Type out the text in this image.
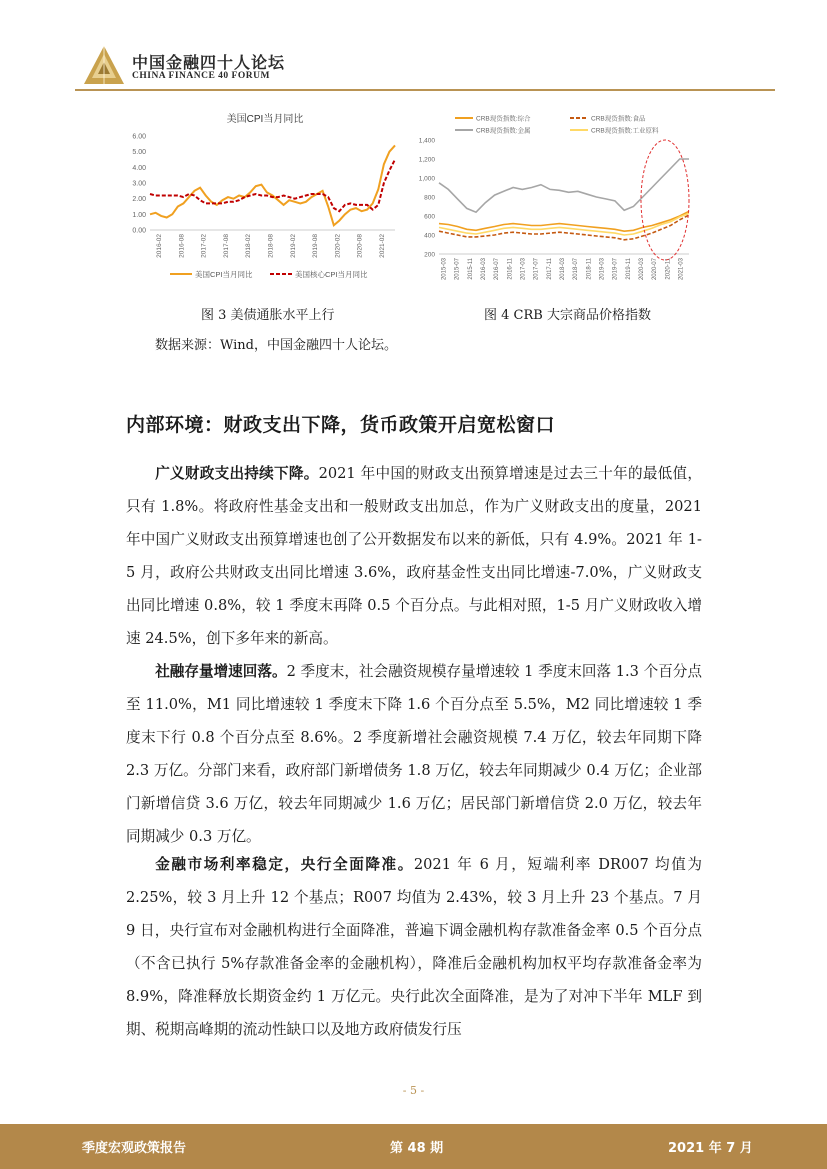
中国金融四十人论坛
CHINA FINANCE 40 FORUM
美国CPI当月同比
0.00
1.00
2.00
3.00
4.00
5.00
6.00
2016-02 2016-08 2017-02 2017-08 2018-02 2018-08 2019-02 2019-08 2020-02 2020-08 2021-02
美国CPI当月同比	美国核心CPI当月同比
CRB现货指数:综合	CRB现货指数:食品
CRB现货指数:金属	CRB现货指数:工业原料
200
400
600
800
1,000
1,200
1,400
2015-03 2015-07 2015-11 2016-03 2016-07 2016-11 2017-03 2017-07 2017-11 2018-03 2018-07 2018-11 2019-03 2019-07 2019-11 2020-03 2020-07 2020-11 2021-03
图 3 美债通胀水平上行	图 4 CRB 大宗商品价格指数
数据来源：Wind，中国金融四十人论坛。
内部环境：财政支出下降，货币政策开启宽松窗口
广义财政支出持续下降。2021 年中国的财政支出预算增速是过去三十年的最低值，只有 1.8%。将政府性基金支出和一般财政支出加总，作为广义财政支出的度量，2021 年中国广义财政支出预算增速也创了公开数据发布以来的新低，只有 4.9%。2021 年 1-5 月，政府公共财政支出同比增速 3.6%，政府基金性支出同比增速-7.0%，广义财政支出同比增速 0.8%，较 1 季度末再降 0.5 个百分点。与此相对照，1-5 月广义财政收入增速 24.5%，创下多年来的新高。
社融存量增速回落。2 季度末，社会融资规模存量增速较 1 季度末回落 1.3 个百分点至 11.0%，M1 同比增速较 1 季度末下降 1.6 个百分点至 5.5%，M2 同比增速较 1 季度末下行 0.8 个百分点至 8.6%。2 季度新增社会融资规模 7.4 万亿，较去年同期下降 2.3 万亿。分部门来看，政府部门新增债务 1.8 万亿，较去年同期减少 0.4 万亿；企业部门新增信贷 3.6 万亿，较去年同期减少 1.6 万亿；居民部门新增信贷 2.0 万亿，较去年同期减少 0.3 万亿。
金融市场利率稳定，央行全面降准。2021 年 6 月，短端利率 DR007 均值为 2.25%，较 3 月上升 12 个基点；R007 均值为 2.43%，较 3 月上升 23 个基点。7 月 9 日，央行宣布对金融机构进行全面降准，普遍下调金融机构存款准备金率 0.5 个百分点（不含已执行 5%存款准备金率的金融机构），降准后金融机构加权平均存款准备金率为 8.9%，降准释放长期资金约 1 万亿元。央行此次全面降准，是为了对冲下半年 MLF 到期、税期高峰期的流动性缺口以及地方政府债发行压
- 5 -
季度宏观政策报告	第 48 期	2021 年 7 月
